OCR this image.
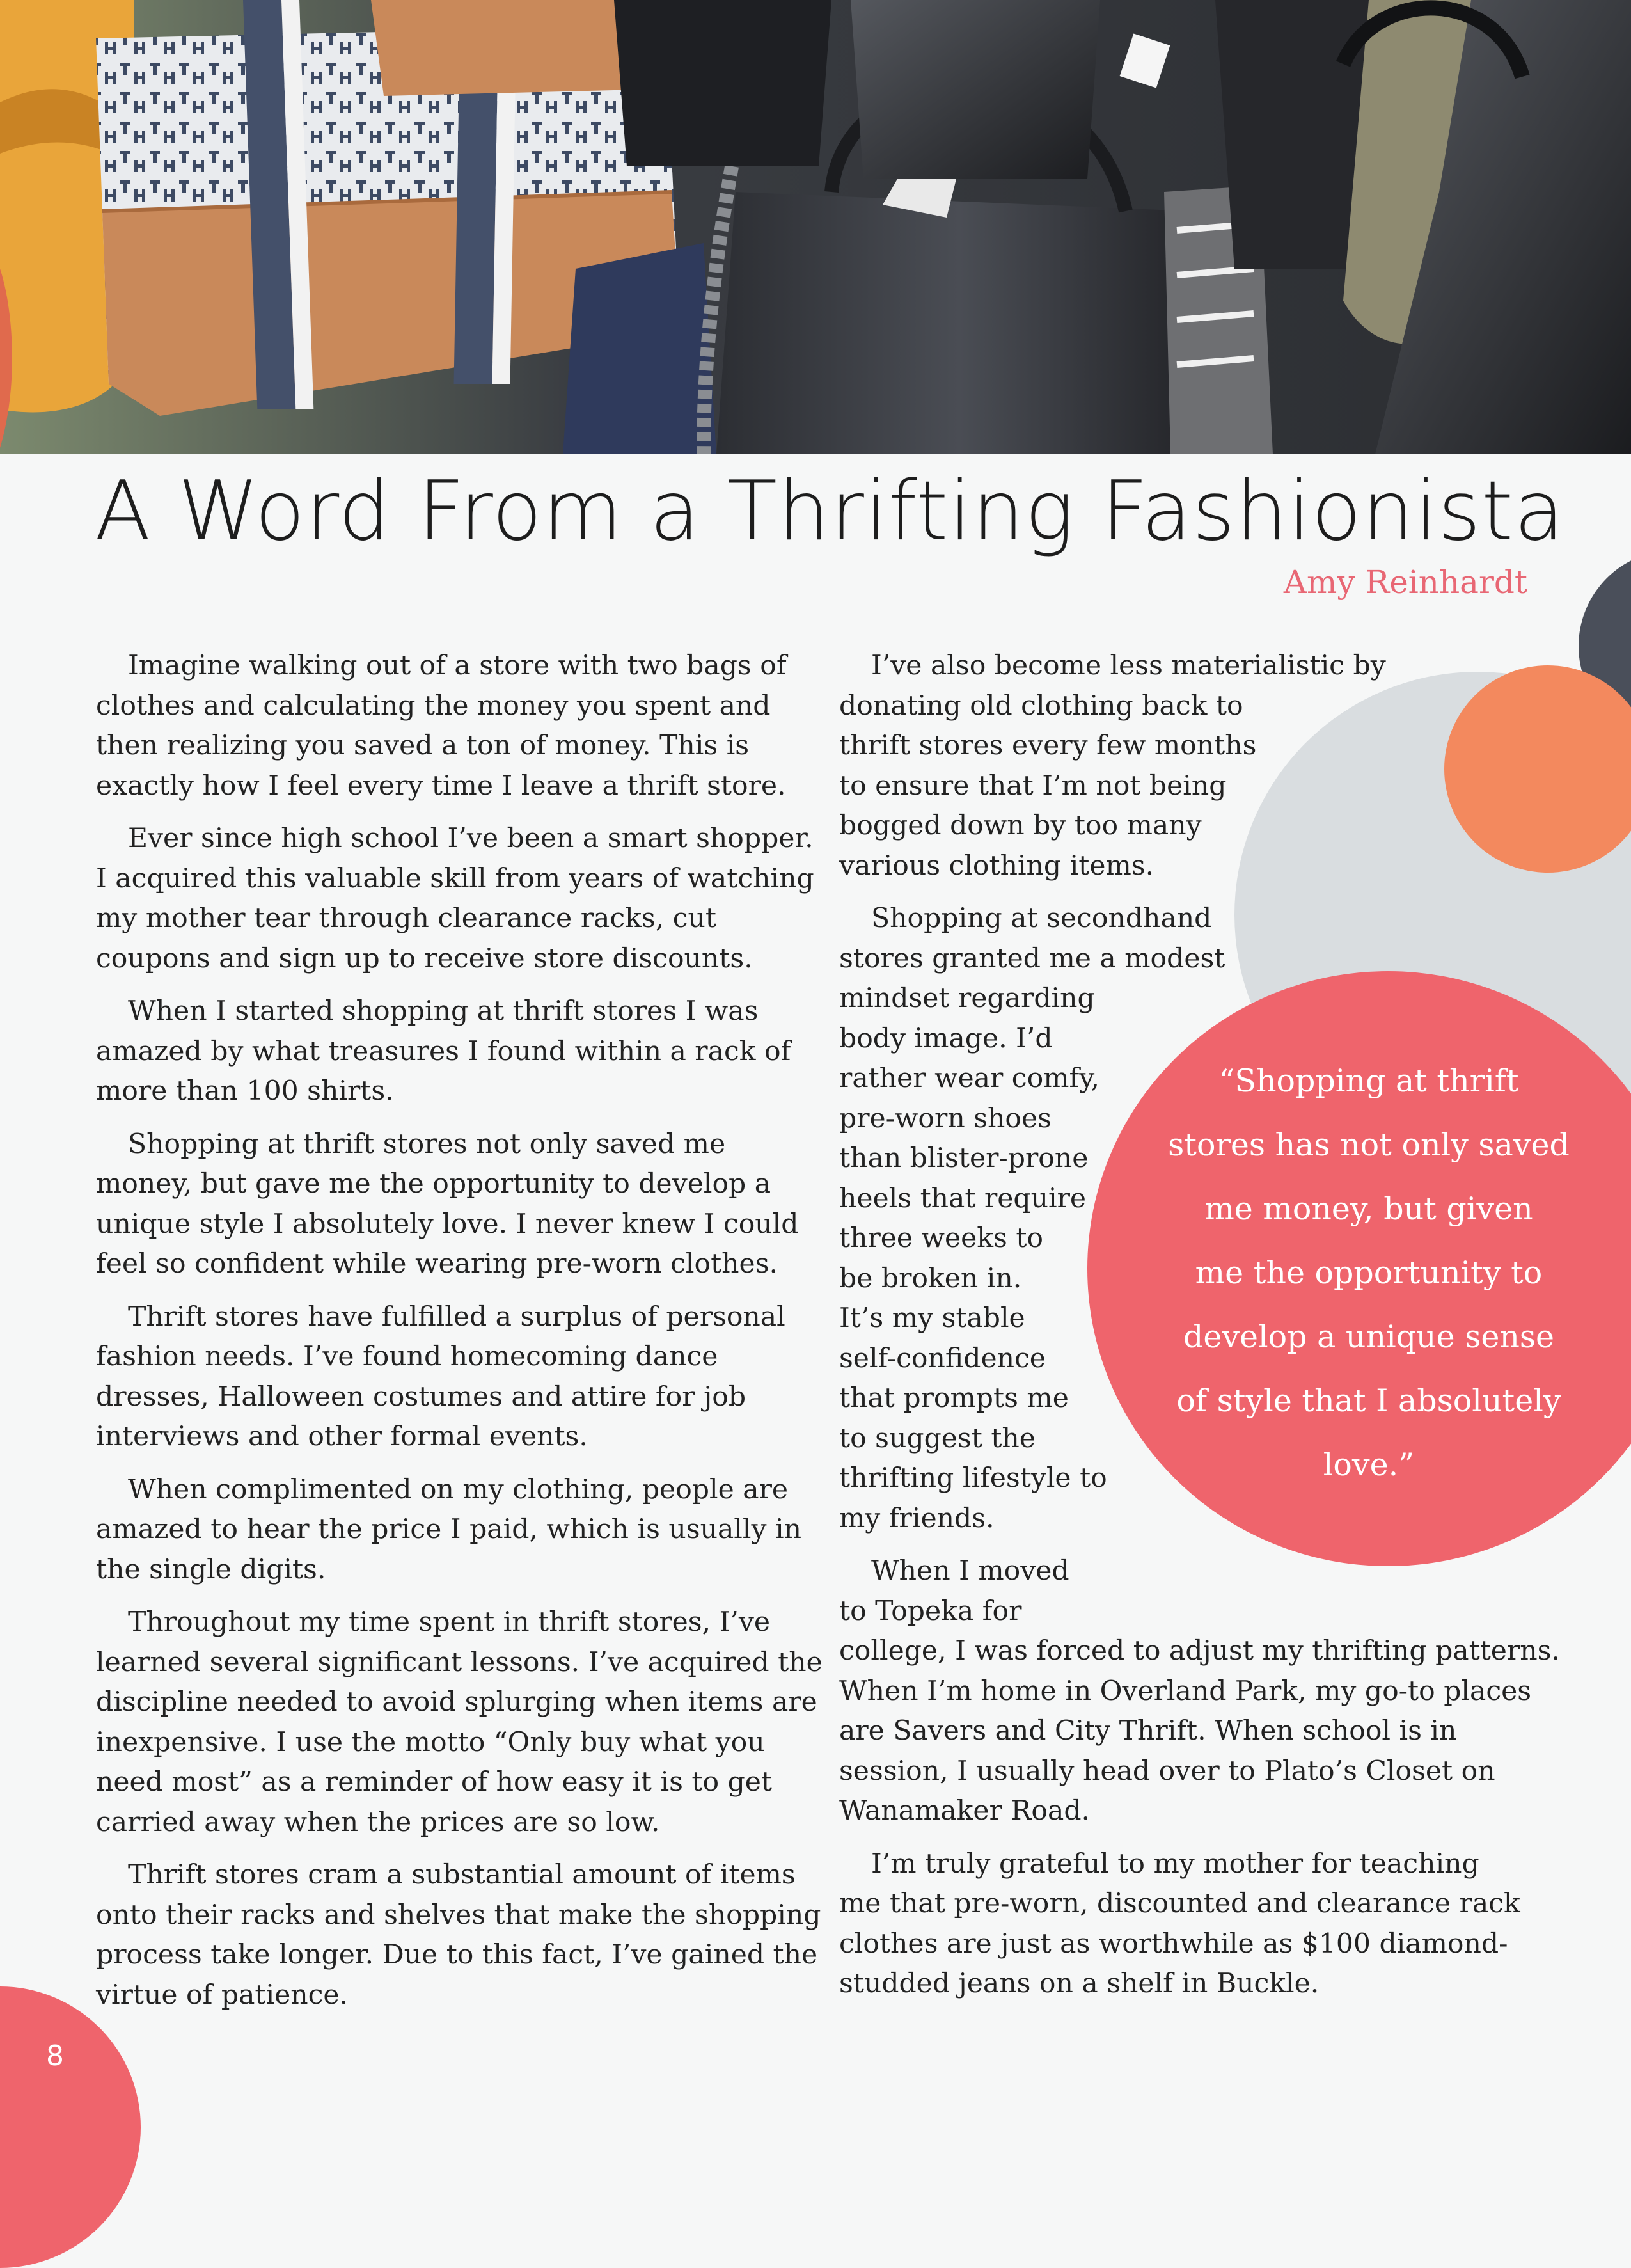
A Word From a Thrifting Fashionista
Amy Reinhardt

Imagine walking out of a store with two bags of
clothes and calculating the money you spent and
then realizing you saved a ton of money. This is
exactly how I feel every time I leave a thrift store.

Ever since high school I’ve been a smart shopper.
I acquired this valuable skill from years of watching
my mother tear through clearance racks, cut
coupons and sign up to receive store discounts.

When I started shopping at thrift stores I was
amazed by what treasures I found within a rack of
more than 100 shirts.

Shopping at thrift stores not only saved me
money, but gave me the opportunity to develop a
unique style I absolutely love. I never knew I could
feel so confident while wearing pre-worn clothes.

Thrift stores have fulfilled a surplus of personal
fashion needs. I’ve found homecoming dance
dresses, Halloween costumes and attire for job
interviews and other formal events.

When complimented on my clothing, people are
amazed to hear the price I paid, which is usually in
the single digits.

Throughout my time spent in thrift stores, I’ve
learned several significant lessons. I’ve acquired the
discipline needed to avoid splurging when items are
inexpensive. I use the motto “Only buy what you
need most” as a reminder of how easy it is to get
carried away when the prices are so low.

Thrift stores cram a substantial amount of items
onto their racks and shelves that make the shopping
process take longer. Due to this fact, I’ve gained the
virtue of patience.

I’ve also become less materialistic by
donating old clothing back to
thrift stores every few months
to ensure that I’m not being
bogged down by too many
various clothing items.

Shopping at secondhand
stores granted me a modest
mindset regarding
body image. I’d
rather wear comfy,
pre-worn shoes
than blister-prone
heels that require
three weeks to
be broken in.
It’s my stable
self-confidence
that prompts me
to suggest the
thrifting lifestyle to
my friends.

When I moved
to Topeka for
college, I was forced to adjust my thrifting patterns.
When I’m home in Overland Park, my go-to places
are Savers and City Thrift. When school is in
session, I usually head over to Plato’s Closet on
Wanamaker Road.

I’m truly grateful to my mother for teaching
me that pre-worn, discounted and clearance rack
clothes are just as worthwhile as $100 diamond-
studded jeans on a shelf in Buckle.

“Shopping at thrift
stores has not only saved
me money, but given
me the opportunity to
develop a unique sense
of style that I absolutely
love.”
8
